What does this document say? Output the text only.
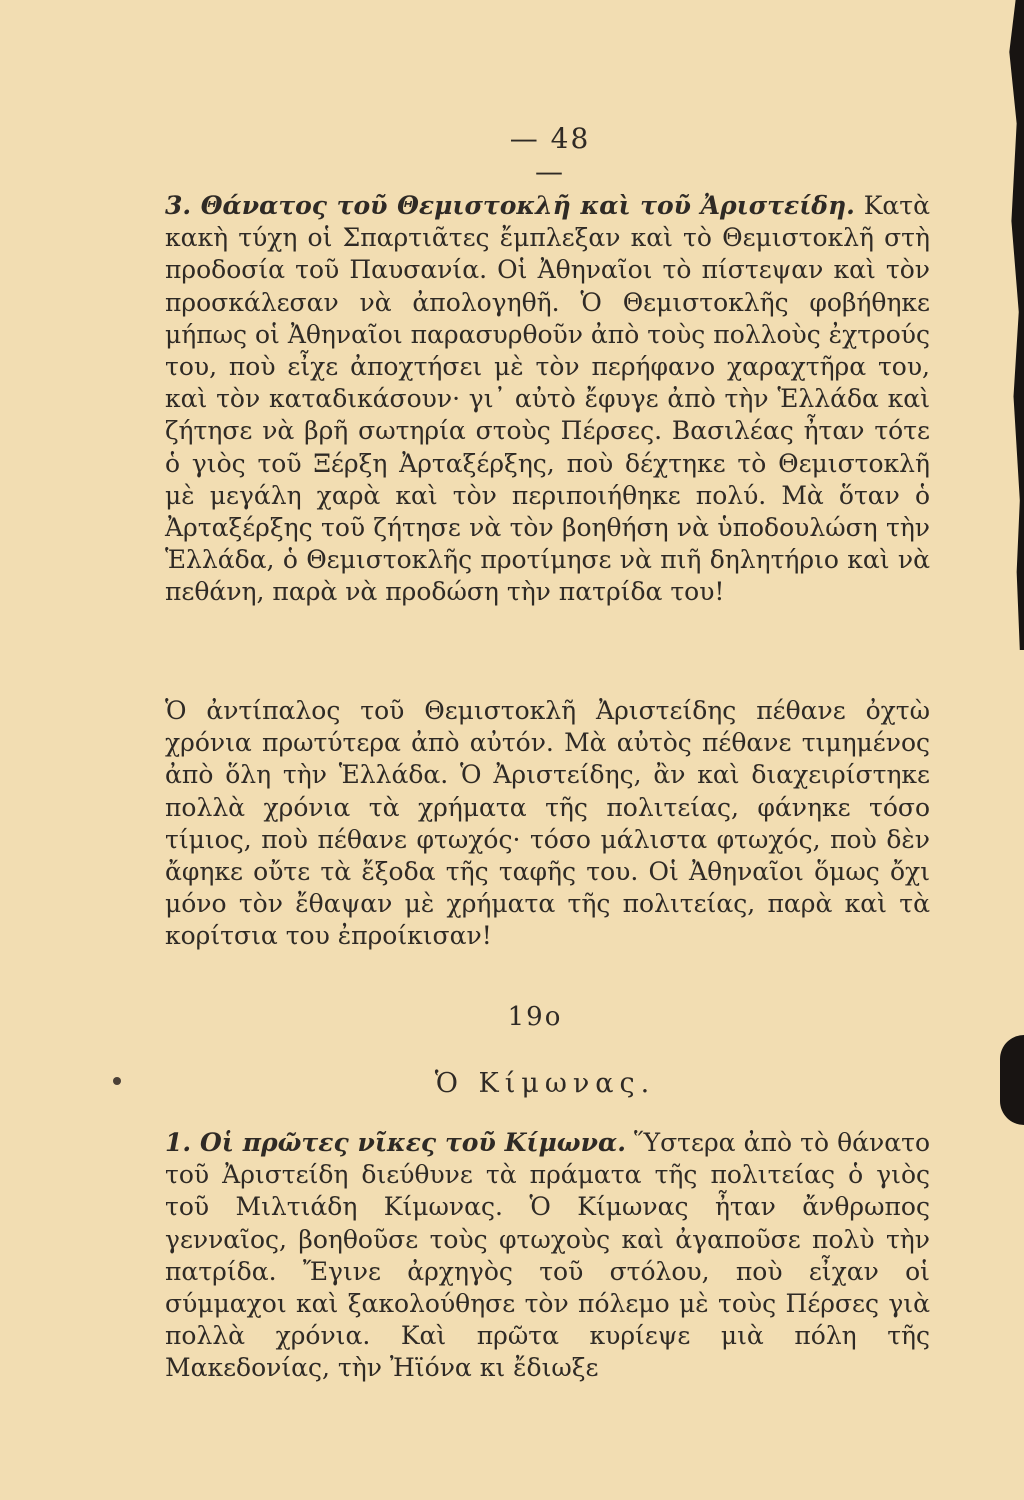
— 48 —
3. Θάνατος τοῦ Θεμιστοκλῆ καὶ τοῦ Ἀριστείδη. Κατὰ κακὴ τύχη οἱ Σπαρτιᾶτες ἔμπλεξαν καὶ τὸ Θεμιστοκλῆ στὴ προδοσία τοῦ Παυσανία. Οἱ Ἀθηναῖοι τὸ πίστεψαν καὶ τὸν προσκάλεσαν νὰ ἀπολογηθῆ. Ὁ Θεμιστοκλῆς φοβήθηκε μήπως οἱ Ἀθηναῖοι παρασυρθοῦν ἀπὸ τοὺς πολλοὺς ἐχτρούς του, ποὺ εἶχε ἀποχτήσει μὲ τὸν περήφανο χαραχτῆρα του, καὶ τὸν καταδικάσουν· γι᾿ αὐτὸ ἔφυγε ἀπὸ τὴν Ἑλλάδα καὶ ζήτησε νὰ βρῆ σωτηρία στοὺς Πέρσες. Βασιλέας ἦταν τότε ὁ γιὸς τοῦ Ξέρξη Ἀρταξέρξης, ποὺ δέχτηκε τὸ Θεμιστοκλῆ μὲ μεγάλη χαρὰ καὶ τὸν περιποιήθηκε πολύ. Μὰ ὅταν ὁ Ἀρταξέρξης τοῦ ζήτησε νὰ τὸν βοηθήση νὰ ὑποδουλώση τὴν Ἑλλάδα, ὁ Θεμιστοκλῆς προτίμησε νὰ πιῆ δηλητήριο καὶ νὰ πεθάνη, παρὰ νὰ προδώση τὴν πατρίδα του!
Ὁ ἀντίπαλος τοῦ Θεμιστοκλῆ Ἀριστείδης πέθανε ὀχτὼ χρόνια πρωτύτερα ἀπὸ αὐτόν. Μὰ αὐτὸς πέθανε τιμημένος ἀπὸ ὅλη τὴν Ἑλλάδα. Ὁ Ἀριστείδης, ἂν καὶ διαχειρίστηκε πολλὰ χρόνια τὰ χρήματα τῆς πολιτείας, φάνηκε τόσο τίμιος, ποὺ πέθανε φτωχός· τόσο μάλιστα φτωχός, ποὺ δὲν ἄφηκε οὔτε τὰ ἔξοδα τῆς ταφῆς του. Οἱ Ἀθηναῖοι ὅμως ὄχι μόνο τὸν ἔθαψαν μὲ χρήματα τῆς πολιτείας, παρὰ καὶ τὰ κορίτσια του ἐπροίκισαν!
19ο
Ὁ Κίμωνας.
1. Οἱ πρῶτες νῖκες τοῦ Κίμωνα. Ὕστερα ἀπὸ τὸ θάνατο τοῦ Ἀριστείδη διεύθυνε τὰ πράματα τῆς πολιτείας ὁ γιὸς τοῦ Μιλτιάδη Κίμωνας. Ὁ Κίμωνας ἦταν ἄνθρωπος γενναῖος, βοηθοῦσε τοὺς φτωχοὺς καὶ ἀγαποῦσε πολὺ τὴν πατρίδα. Ἔγινε ἀρχηγὸς τοῦ στόλου, ποὺ εἶχαν οἱ σύμμαχοι καὶ ξακολούθησε τὸν πόλεμο μὲ τοὺς Πέρσες γιὰ πολλὰ χρόνια. Καὶ πρῶτα κυρίεψε μιὰ πόλη τῆς Μακεδονίας, τὴν Ἠϊόνα κι ἔδιωξε
